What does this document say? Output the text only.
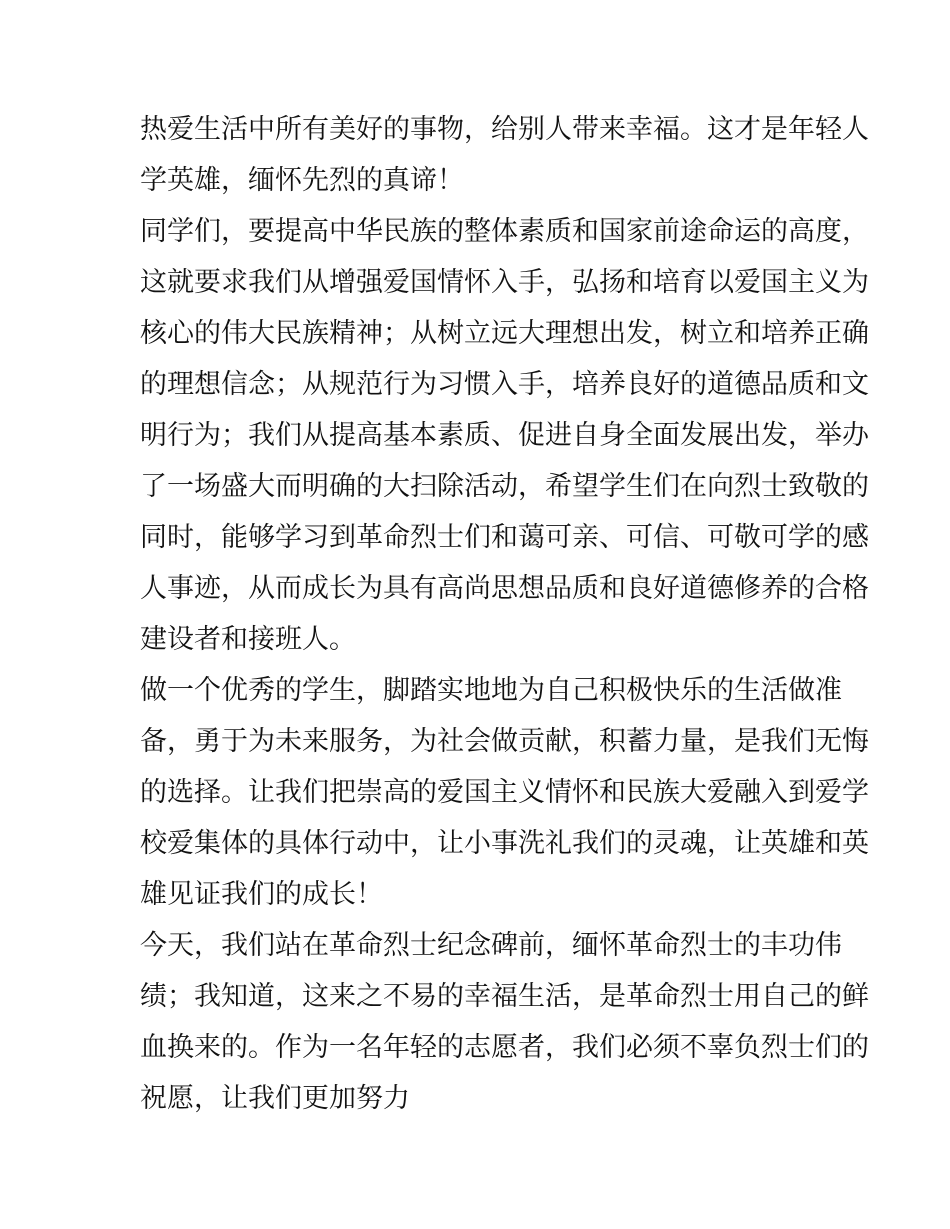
热爱生活中所有美好的事物，给别人带来幸福。这才是年轻人
学英雄，缅怀先烈的真谛！
同学们，要提高中华民族的整体素质和国家前途命运的高度，
这就要求我们从增强爱国情怀入手，弘扬和培育以爱国主义为
核心的伟大民族精神；从树立远大理想出发，树立和培养正确
的理想信念；从规范行为习惯入手，培养良好的道德品质和文
明行为；我们从提高基本素质、促进自身全面发展出发，举办
了一场盛大而明确的大扫除活动，希望学生们在向烈士致敬的
同时，能够学习到革命烈士们和蔼可亲、可信、可敬可学的感
人事迹，从而成长为具有高尚思想品质和良好道德修养的合格
建设者和接班人。
做一个优秀的学生，脚踏实地地为自己积极快乐的生活做准
备，勇于为未来服务，为社会做贡献，积蓄力量，是我们无悔
的选择。让我们把崇高的爱国主义情怀和民族大爱融入到爱学
校爱集体的具体行动中，让小事洗礼我们的灵魂，让英雄和英
雄见证我们的成长！
今天，我们站在革命烈士纪念碑前，缅怀革命烈士的丰功伟
绩；我知道，这来之不易的幸福生活，是革命烈士用自己的鲜
血换来的。作为一名年轻的志愿者，我们必须不辜负烈士们的
祝愿，让我们更加努力
